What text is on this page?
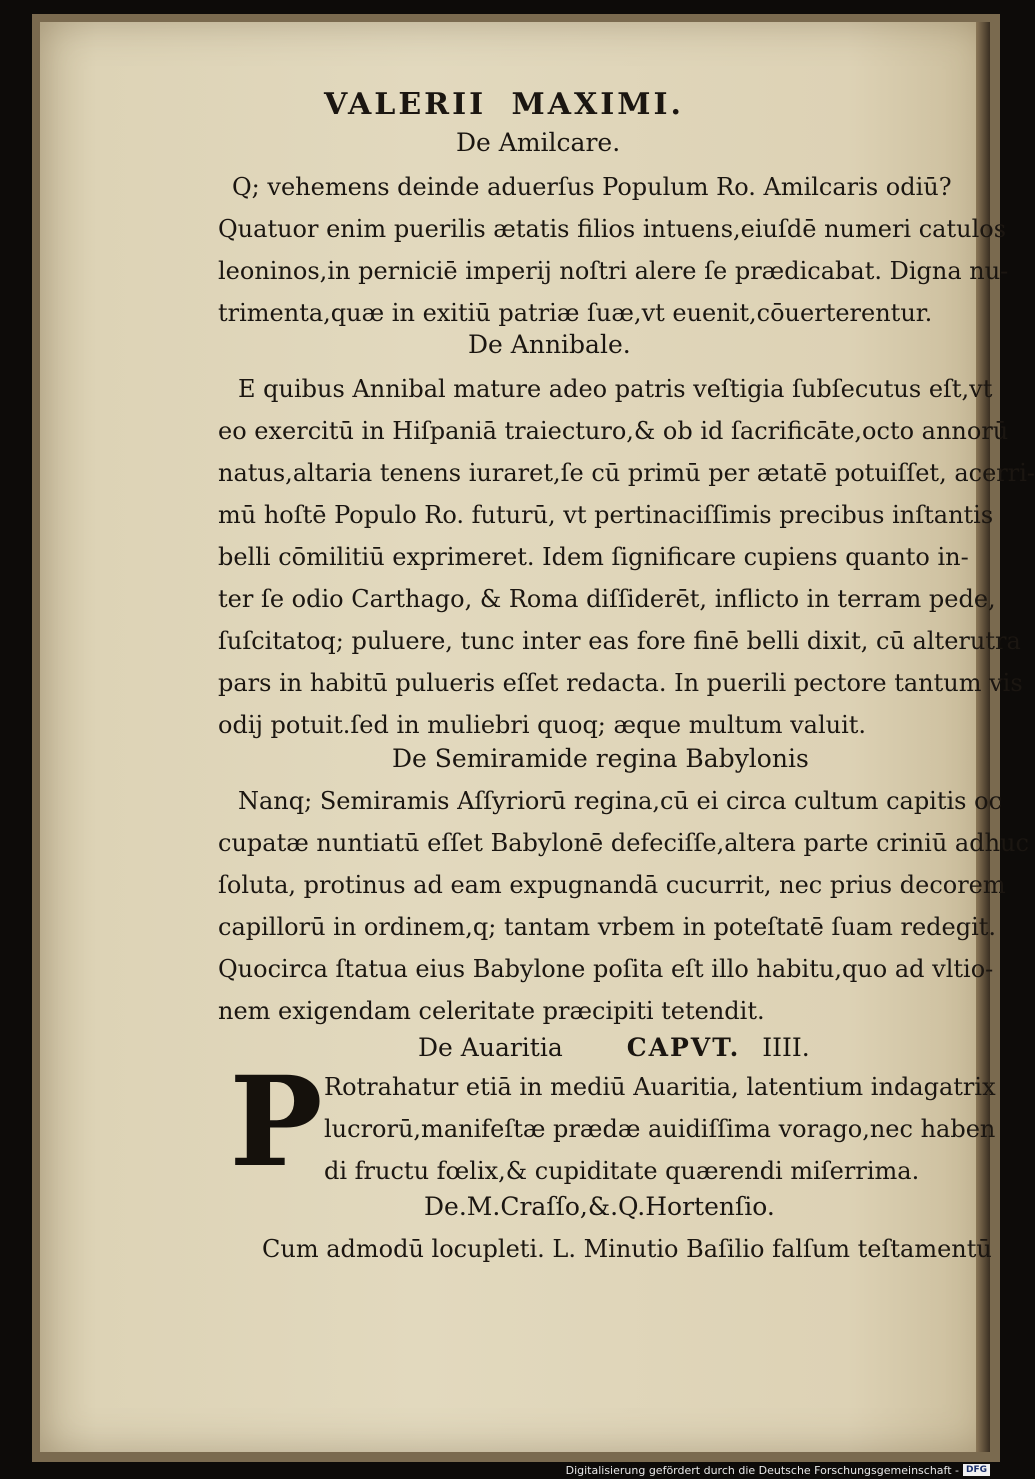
VALERII MAXIMI.
De Amilcare.
Q; vehemens deinde aduerſus Populum Ro. Amilcaris odiū?
Quatuor enim puerilis ætatis filios intuens,eiuſdē numeri catulos
leoninos,in perniciē imperij noſtri alere ſe prædicabat. Digna nu-
trimenta,quæ in exitiū patriæ ſuæ,vt euenit,cōuerterentur.
De Annibale.
E quibus Annibal mature adeo patris veſtigia ſubſecutus eſt,vt
eo exercitū in Hiſpaniā traiecturo,& ob id ſacrificāte,octo annorū
natus,altaria tenens iuraret,ſe cū primū per ætatē potuiſſet, acerri-
mū hoſtē Populo Ro. futurū, vt pertinaciſſimis precibus inſtantis
belli cōmilitiū exprimeret. Idem ſignificare cupiens quanto in-
ter ſe odio Carthago, & Roma diſſiderēt, inflicto in terram pede,
ſuſcitatoq; puluere, tunc inter eas fore finē belli dixit, cū alterutra
pars in habitū pulueris eſſet redacta. In puerili pectore tantum vis
odij potuit.ſed in muliebri quoq; æque multum valuit.
De Semiramide regina Babylonis
Nanq; Semiramis Aſſyriorū regina,cū ei circa cultum capitis oc
cupatæ nuntiatū eſſet Babylonē defeciſſe,altera parte criniū adhuc
ſoluta, protinus ad eam expugnandā cucurrit, nec prius decorem
capillorū in ordinem,q; tantam vrbem in poteſtatē ſuam redegit.
Quocirca ſtatua eius Babylone poſita eſt illo habitu,quo ad vltio-
nem exigendam celeritate præcipiti tetendit.
De Auaritia	CAPVT. IIII.
P Rotrahatur etiā in mediū Auaritia, latentium indagatrix
lucrorū,manifeſtæ prædæ auidiſſima vorago,nec haben
di fructu fœlix,& cupiditate quærendi miſerrima.
De.M.Craſſo,&.Q.Hortenſio.
Cum admodū locupleti. L. Minutio Baſilio falſum teſtamentū
Digitalisierung gefördert durch die Deutsche Forschungsgemeinschaft - DFG
